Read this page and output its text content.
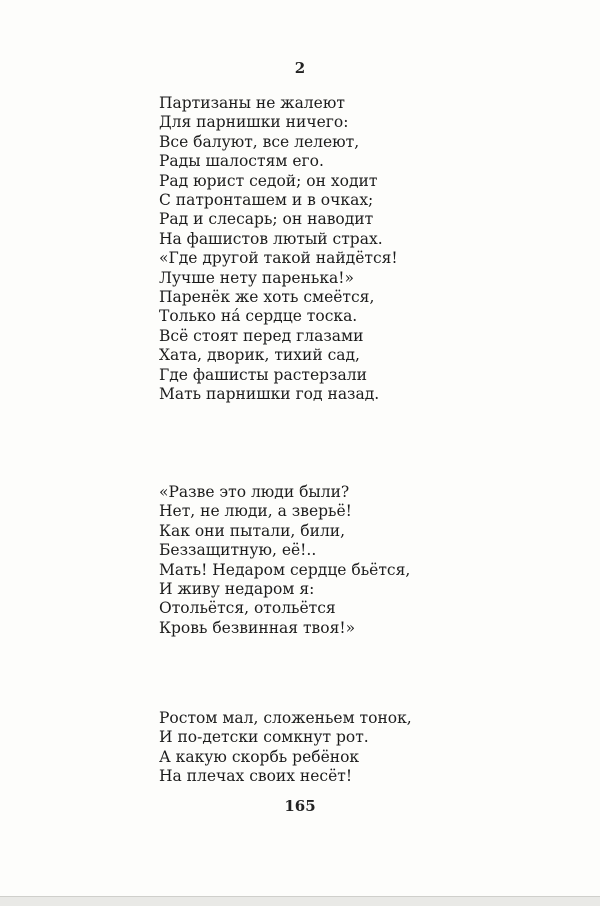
2
Партизаны не жалеют
Для парнишки ничего:
Все балуют, все лелеют,
Рады шалостям его.
Рад юрист седой; он ходит
С патронташем и в очках;
Рад и слесарь; он наводит
На фашистов лютый страх.
«Где другой такой найдётся!
Лучше нету паренька!»
Паренёк же хоть смеётся,
Только на́ сердце тоска.
Всё стоят перед глазами
Хата, дворик, тихий сад,
Где фашисты растерзали
Мать парнишки год назад.
«Разве это люди были?
Нет, не люди, а зверьё!
Как они пытали, били,
Беззащитную, её!..
Мать! Недаром сердце бьётся,
И живу недаром я:
Отольётся, отольётся
Кровь безвинная твоя!»
Ростом мал, сложеньем тонок,
И по-детски сомкнут рот.
А какую скорбь ребёнок
На плечах своих несёт!
165
